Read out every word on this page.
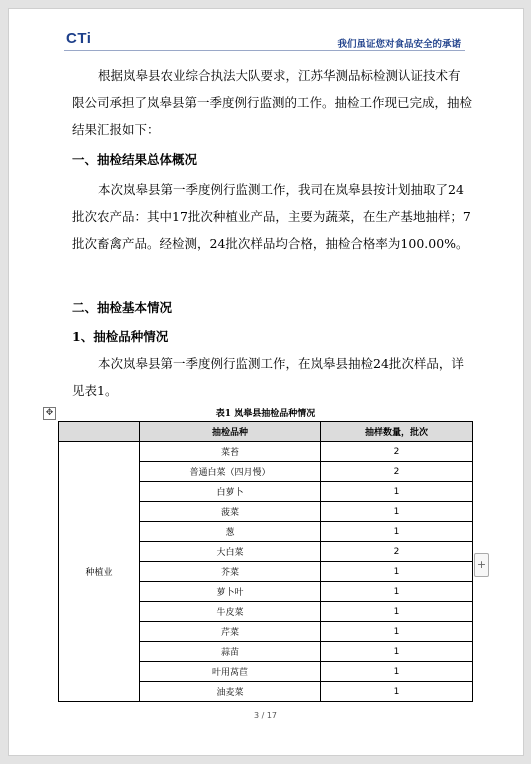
CTi	我们虽证您对食品安全的承诺

根据岚皋县农业综合执法大队要求，江苏华测品标检测认证技术有限公司承担了岚皋县第一季度例行监测的工作。抽检工作现已完成，抽检结果汇报如下：

一、抽检结果总体概况

本次岚皋县第一季度例行监测工作，我司在岚皋县按计划抽取了24批次农产品：其中17批次种植业产品，主要为蔬菜，在生产基地抽样；7批次畜禽产品。经检测，24批次样品均合格，抽检合格率为100.00%。

二、抽检基本情况

1、抽检品种情况

本次岚皋县第一季度例行监测工作，在岚皋县抽检24批次样品，详见表1。

✥	表1 岚皋县抽检品种情况
	抽检品种	抽样数量，批次
种植业	菜苔	2
	普通白菜（四月慢）	2
	白萝卜	1
	菠菜	1
	葱	1
	大白菜	2
	芥菜	1
	萝卜叶	1
	牛皮菜	1
	芹菜	1
	蒜苗	1
	叶用莴苣	1
	油麦菜	1
+
3 / 17
